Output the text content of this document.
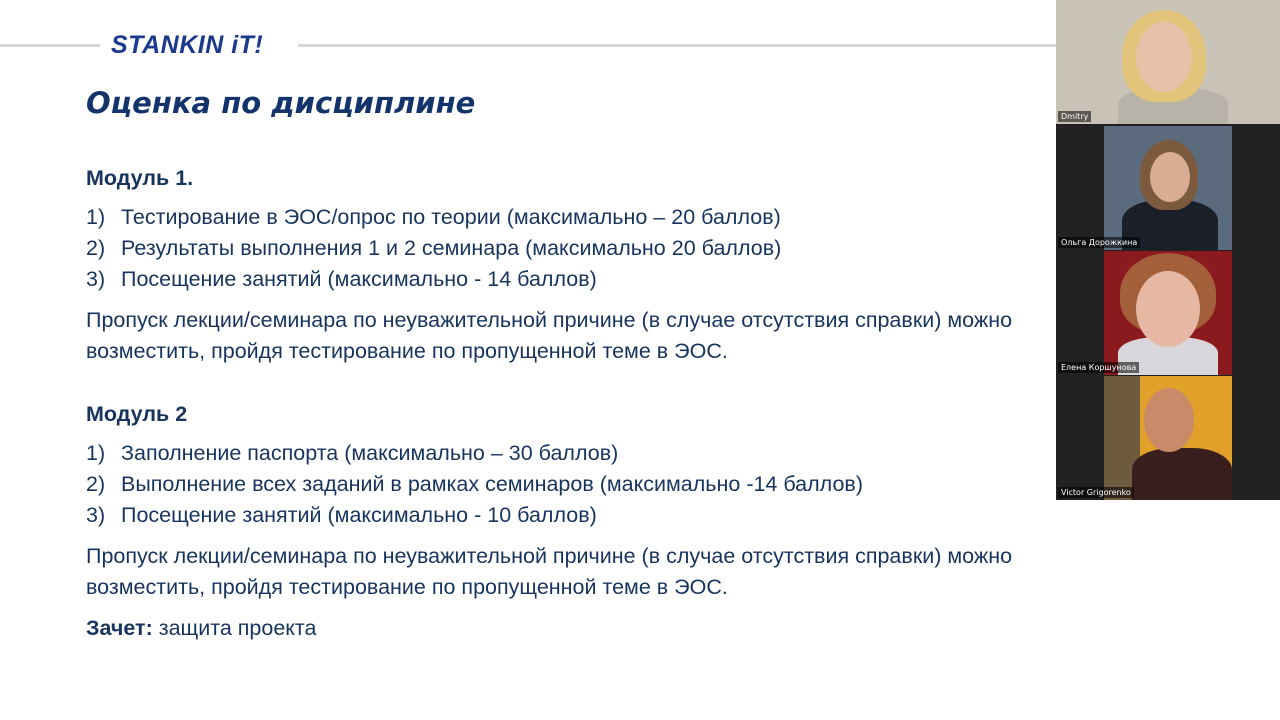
STANKIN iT!
Оценка по дисциплине

Модуль 1.

1) Тестирование в ЭОС/опрос по теории (максимально – 20 баллов)
2) Результаты выполнения 1 и 2 семинара (максимально 20 баллов)
3) Посещение занятий (максимально - 14 баллов)

Пропуск лекции/семинара по неуважительной причине (в случае отсутствия справки) можно

возместить, пройдя тестирование по пропущенной теме в ЭОС.

Модуль 2

1) Заполнение паспорта (максимально – 30 баллов)
2) Выполнение всех заданий в рамках семинаров (максимально -14 баллов)
3) Посещение занятий (максимально - 10 баллов)

Пропуск лекции/семинара по неуважительной причине (в случае отсутствия справки) можно

возместить, пройдя тестирование по пропущенной теме в ЭОС.

Зачет: защита проекта

Dmitry
Ольга Дорожкина
Елена Коршунова
Victor Grigorenko
